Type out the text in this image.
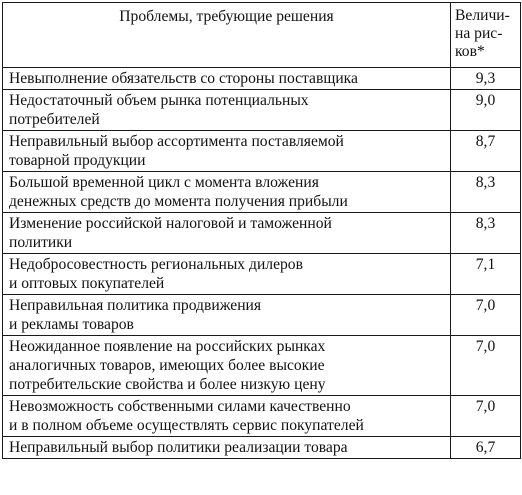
Проблемы, требующие решения	Величи-
на рис-
ков*

Невыполнение обязательств со стороны поставщика	9,3

Недостаточный объем рынка потенциальных
потребителей	9,0

Неправильный выбор ассортимента поставляемой
товарной продукции	8,7

Большой временной цикл с момента вложения
денежных средств до момента получения прибыли	8,3

Изменение российской налоговой и таможенной
политики	8,3

Недобросовестность региональных дилеров
и оптовых покупателей	7,1

Неправильная политика продвижения
и рекламы товаров	7,0

Неожиданное появление на российских рынках
аналогичных товаров, имеющих более высокие
потребительские свойства и более низкую цену	7,0

Невозможность собственными силами качественно
и в полном объеме осуществлять сервис покупателей	7,0

Неправильный выбор политики реализации товара	6,7
